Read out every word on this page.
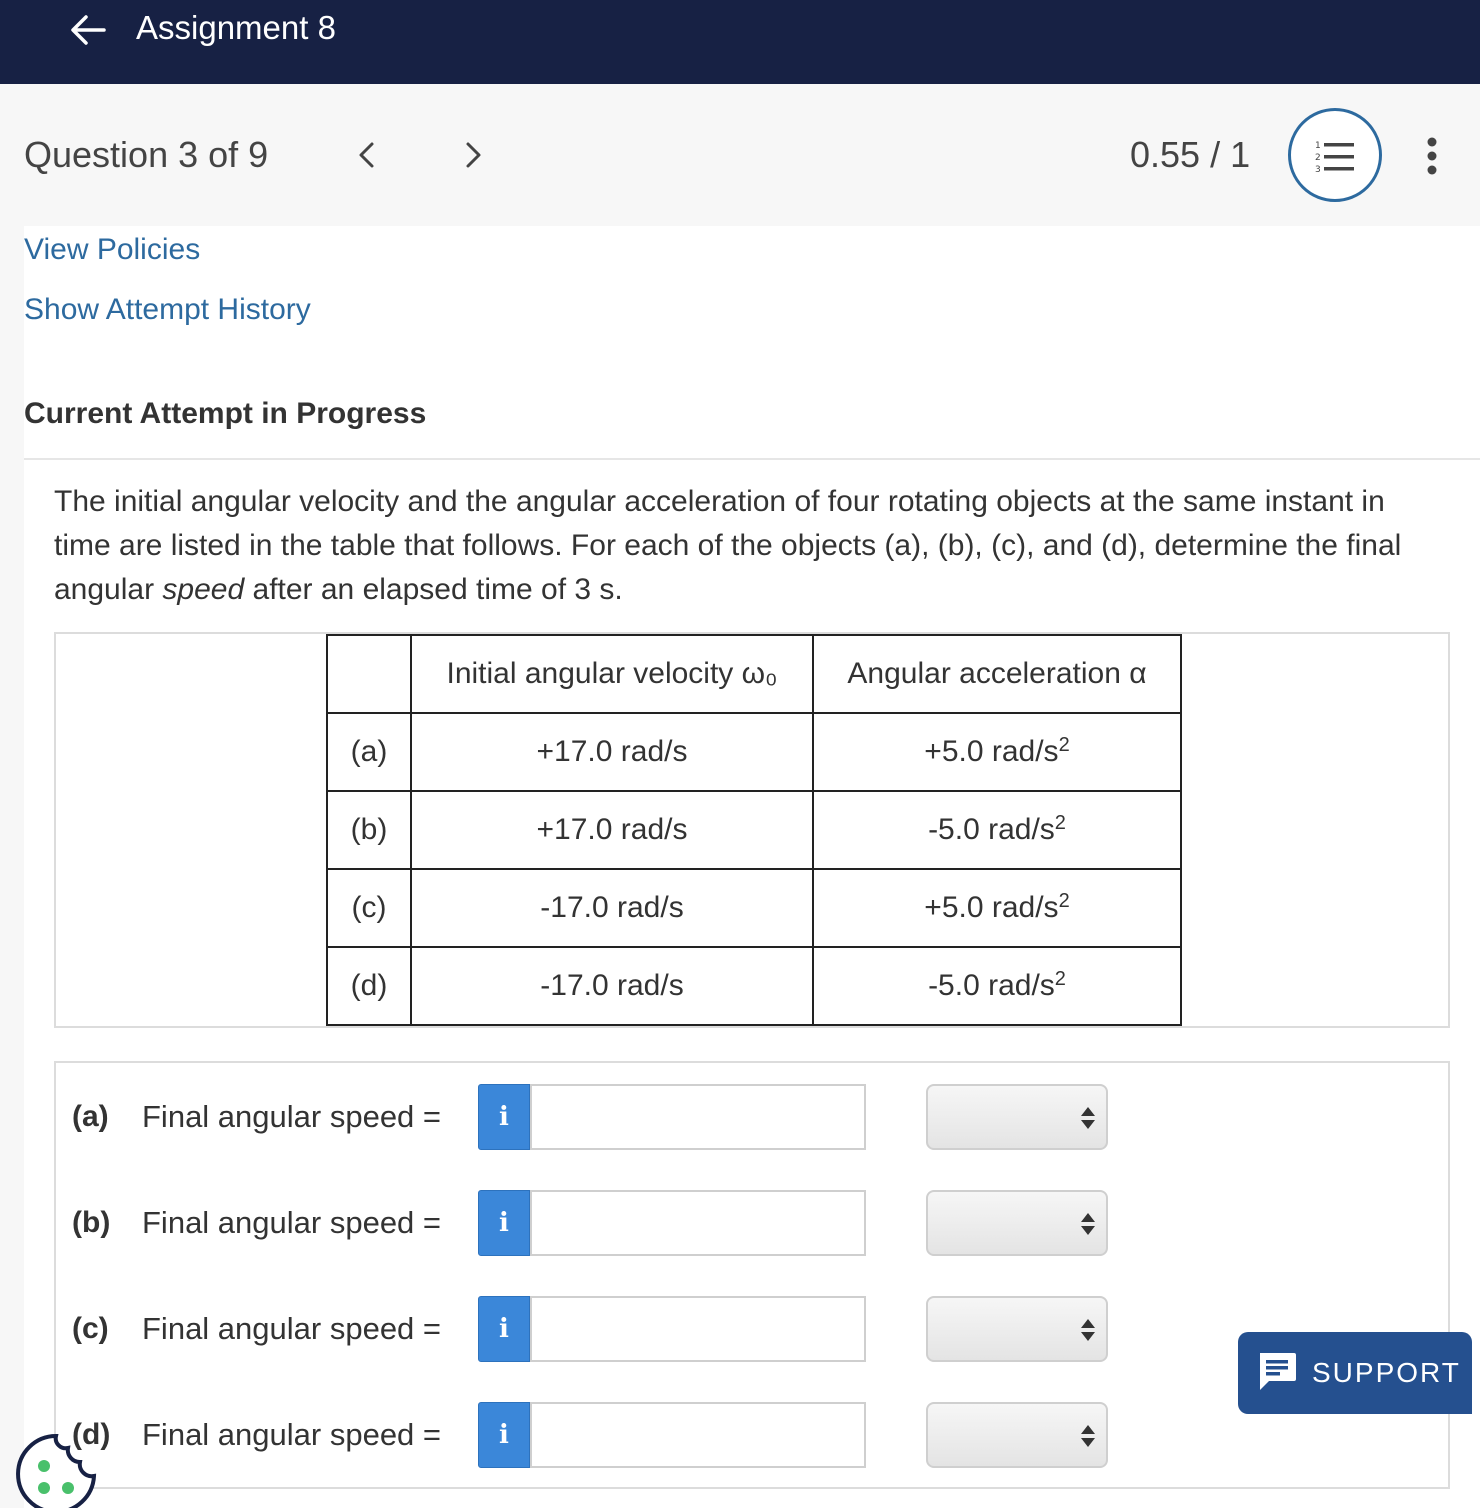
Assignment 8
Question 3 of 9	0.55 / 1	1
2
3
View Policies
Show Attempt History
Current Attempt in Progress
The initial angular velocity and the angular acceleration of four rotating objects at the same instant in time are listed in the table that follows. For each of the objects (a), (b), (c), and (d), determine the final angular speed after an elapsed time of 3 s.
	Initial angular velocity ω₀	Angular acceleration α
(a)	+17.0 rad/s	+5.0 rad/$s^2$
(b)	+17.0 rad/s	-5.0 rad/$s^2$
(c)	-17.0 rad/s	+5.0 rad/$s^2$
(d)	-17.0 rad/s	-5.0 rad/$s^2$
(a) Final angular speed =	i
(b) Final angular speed =	i
(c) Final angular speed =	i
(d) Final angular speed =	i
SUPPORT
